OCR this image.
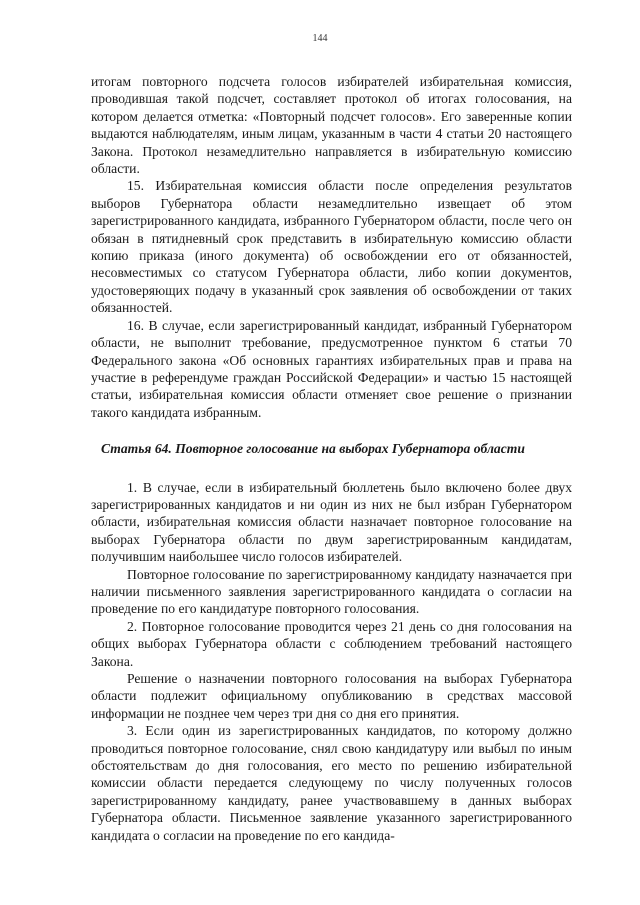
144

итогам повторного подсчета голосов избирателей избирательная комиссия, проводившая такой подсчет, составляет протокол об итогах голосования, на котором делается отметка: «Повторный подсчет голосов». Его заверенные копии выдаются наблюдателям, иным лицам, указанным в части 4 статьи 20 настоящего Закона. Протокол незамедлительно направляется в избирательную комиссию области.

15. Избирательная комиссия области после определения результатов выборов Губернатора области незамедлительно извещает об этом зарегистрированного кандидата, избранного Губернатором области, после чего он обязан в пятидневный срок представить в избирательную комиссию области копию приказа (иного документа) об освобождении его от обязанностей, несовместимых со статусом Губернатора области, либо копии документов, удостоверяющих подачу в указанный срок заявления об освобождении от таких обязанностей.

16. В случае, если зарегистрированный кандидат, избранный Губернатором области, не выполнит требование, предусмотренное пунктом 6 статьи 70 Федерального закона «Об основных гарантиях избирательных прав и права на участие в референдуме граждан Российской Федерации» и частью 15 настоящей статьи, избирательная комиссия области отменяет свое решение о признании такого кандидата избранным.

Статья 64. Повторное голосование на выборах Губернатора области

1. В случае, если в избирательный бюллетень было включено более двух зарегистрированных кандидатов и ни один из них не был избран Губернатором области, избирательная комиссия области назначает повторное голосование на выборах Губернатора области по двум зарегистрированным кандидатам, получившим наибольшее число голосов избирателей.

Повторное голосование по зарегистрированному кандидату назначается при наличии письменного заявления зарегистрированного кандидата о согласии на проведение по его кандидатуре повторного голосования.

2. Повторное голосование проводится через 21 день со дня голосования на общих выборах Губернатора области с соблюдением требований настоящего Закона.

Решение о назначении повторного голосования на выборах Губернатора области подлежит официальному опубликованию в средствах массовой информации не позднее чем через три дня со дня его принятия.

3. Если один из зарегистрированных кандидатов, по которому должно проводиться повторное голосование, снял свою кандидатуру или выбыл по иным обстоятельствам до дня голосования, его место по решению избирательной комиссии области передается следующему по числу полученных голосов зарегистрированному кандидату, ранее участвовавшему в данных выборах Губернатора области. Письменное заявление указанного зарегистрированного кандидата о согласии на проведение по его кандида-
